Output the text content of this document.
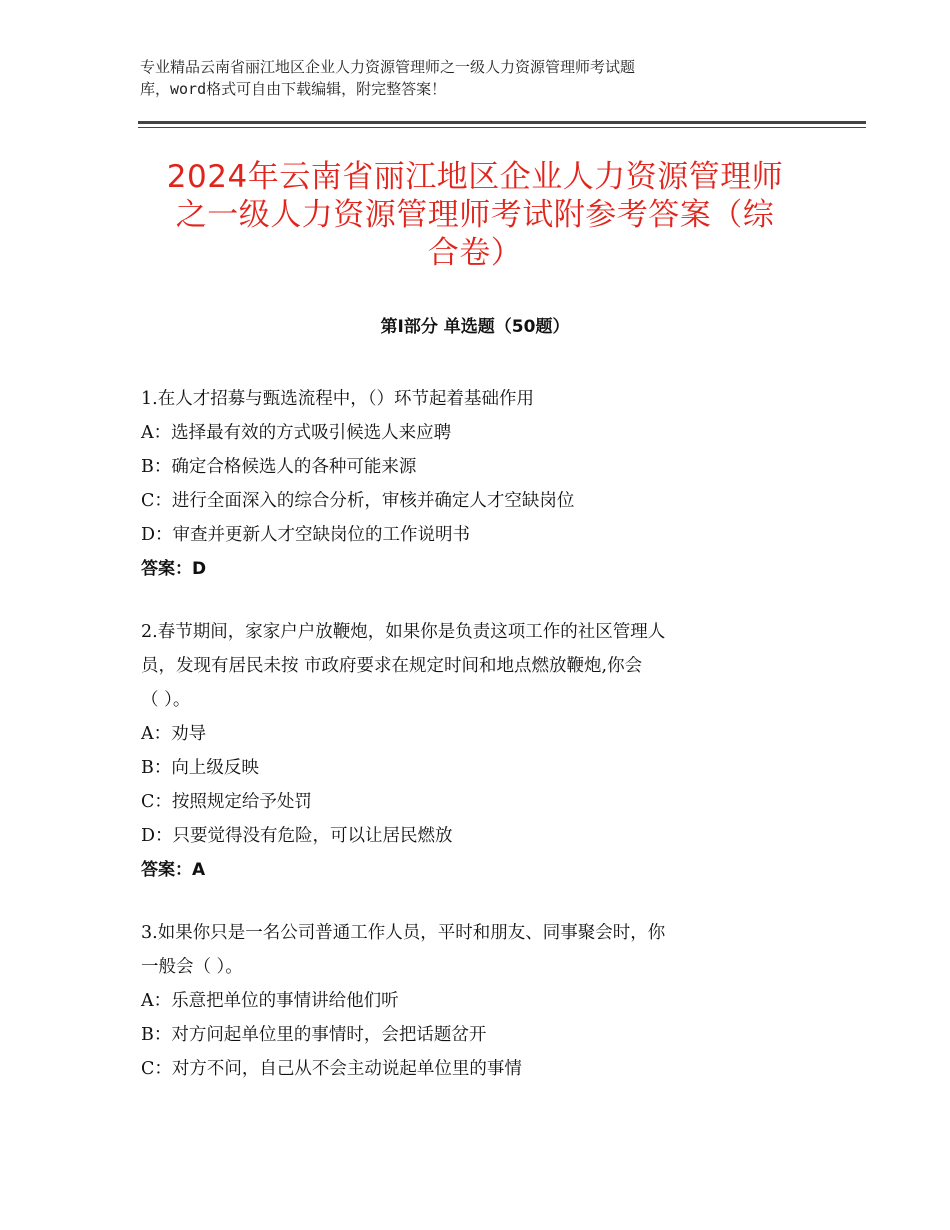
专业精品云南省丽江地区企业人力资源管理师之一级人力资源管理师考试题
库，word格式可自由下载编辑，附完整答案！
2024年云南省丽江地区企业人力资源管理师
之一级人力资源管理师考试附参考答案（综
合卷）
第Ⅰ部分 单选题（50题）

1.在人才招募与甄选流程中，（）环节起着基础作用

A：选择最有效的方式吸引候选人来应聘

B：确定合格候选人的各种可能来源

C：进行全面深入的综合分析，审核并确定人才空缺岗位

D：审查并更新人才空缺岗位的工作说明书

答案：D

2.春节期间，家家户户放鞭炮，如果你是负责这项工作的社区管理人

员，发现有居民未按 市政府要求在规定时间和地点燃放鞭炮,你会

（ ）。

A：劝导

B：向上级反映

C：按照规定给予处罚

D：只要觉得没有危险，可以让居民燃放

答案：A

3.如果你只是一名公司普通工作人员，平时和朋友、同事聚会时，你

一般会（ ）。

A：乐意把单位的事情讲给他们听

B：对方问起单位里的事情时，会把话题岔开

C：对方不问，自己从不会主动说起单位里的事情
